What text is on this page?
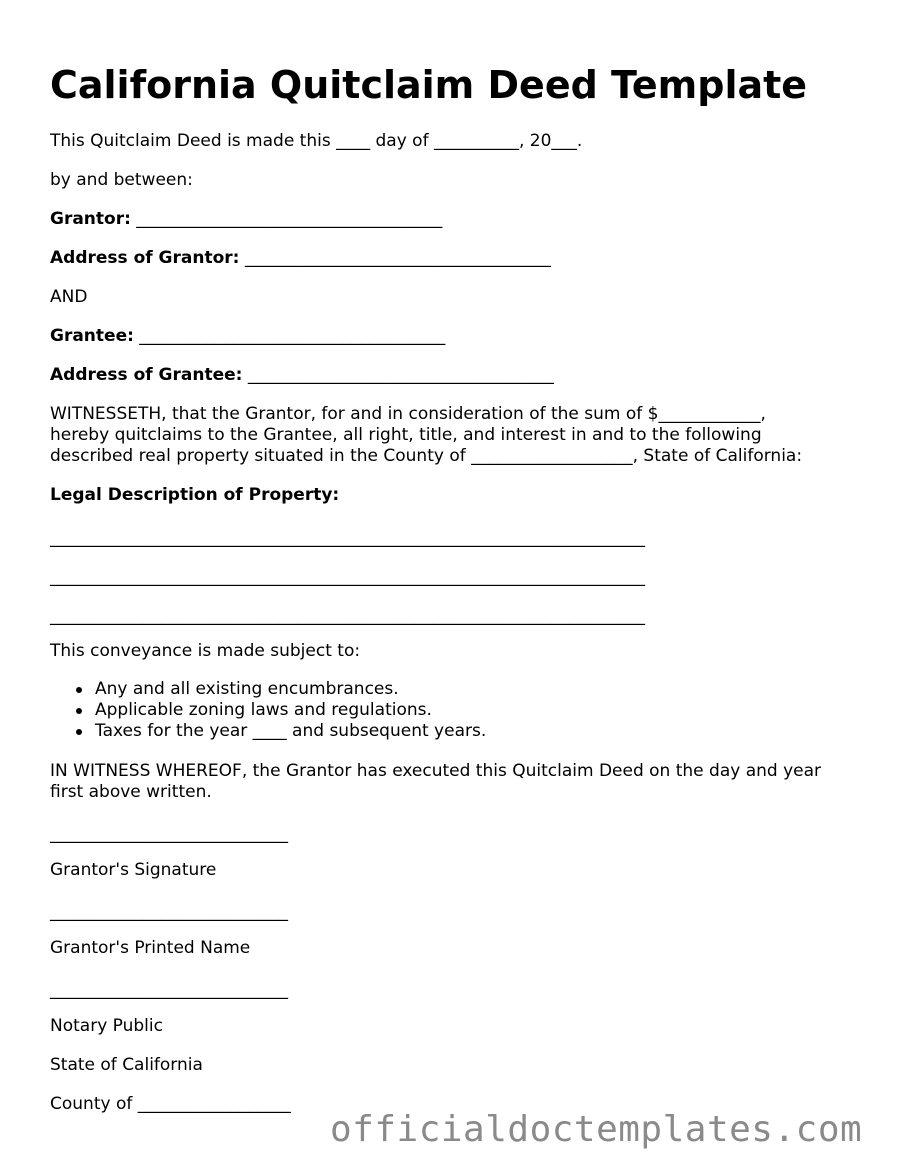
California Quitclaim Deed Template

This Quitclaim Deed is made this ____ day of __________, 20___.

by and between:

Grantor: ____________________________________

Address of Grantor: ____________________________________

AND

Grantee: ____________________________________

Address of Grantee: ____________________________________

WITNESSETH, that the Grantor, for and in consideration of the sum of $____________,
hereby quitclaims to the Grantee, all right, title, and interest in and to the following
described real property situated in the County of ___________________, State of California:

Legal Description of Property:

______________________________________________________________________

______________________________________________________________________

______________________________________________________________________

This conveyance is made subject to:

Any and all existing encumbrances.
Applicable zoning laws and regulations.
Taxes for the year ____ and subsequent years.
IN WITNESS WHEREOF, the Grantor has executed this Quitclaim Deed on the day and year
first above written.

____________________________

Grantor's Signature

____________________________

Grantor's Printed Name

____________________________

Notary Public

State of California

County of __________________

officialdoctemplates.com
